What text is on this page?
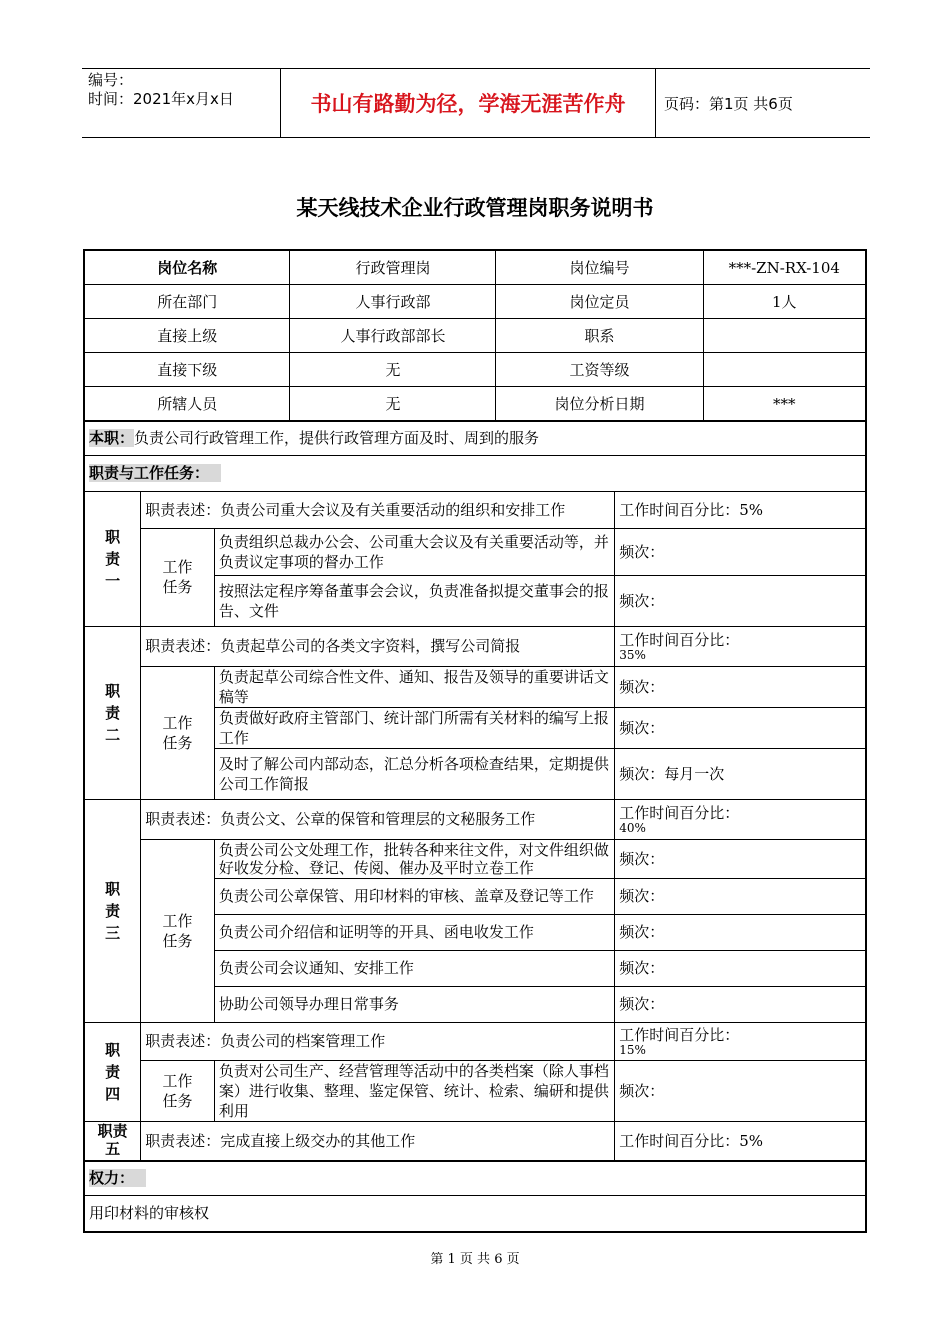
编号：
时间：2021年x月x日	书山有路勤为径，学海无涯苦作舟	页码：第1页 共6页
某天线技术企业行政管理岗职务说明书
岗位名称			行政管理岗	岗位编号		***-ZN-RX-104
所在部门			人事行政部	岗位定员		1人
直接上级			人事行政部部长	职系		
直接下级			无	工资等级		
所辖人员			无	岗位分析日期		***
本职：负责公司行政管理工作，提供行政管理方面及时、周到的服务						
职责与工作任务：						
职责一	职责表述：负责公司重大会议及有关重要活动的组织和安排工作				工作时间百分比：5%	
	工作任务	负责组织总裁办公会、公司重大会议及有关重要活动等，并负责议定事项的督办工作			频次：	
		按照法定程序筹备董事会会议，负责准备拟提交董事会的报告、文件			频次：	
职责二	职责表述：负责起草公司的各类文字资料，撰写公司简报				工作时间百分比：
35%	

	工作任务	负责起草公司综合性文件、通知、报告及领导的重要讲话文稿等			频次：	
		负责做好政府主管部门、统计部门所需有关材料的编写上报工作			频次：	
		及时了解公司内部动态，汇总分析各项检查结果，定期提供公司工作简报			频次：每月一次	
职责三	职责表述：负责公文、公章的保管和管理层的文秘服务工作				工作时间百分比：
40%	

	工作任务	负责公司公文处理工作，批转各种来往文件，对文件组织做好收发分检、登记、传阅、催办及平时立卷工作			频次：	
		负责公司公章保管、用印材料的审核、盖章及登记等工作			频次：	
		负责公司介绍信和证明等的开具、函电收发工作			频次：	
		负责公司会议通知、安排工作			频次：	
		协助公司领导办理日常事务			频次：	
职责四	职责表述：负责公司的档案管理工作				工作时间百分比：
15%	

	工作任务	负责对公司生产、经营管理等活动中的各类档案（除人事档案）进行收集、整理、鉴定保管、统计、检索、编研和提供利用			频次：	
职责五	职责表述：完成直接上级交办的其他工作				工作时间百分比：5%	
权力：						
用印材料的审核权						
第 1 页 共 6 页
